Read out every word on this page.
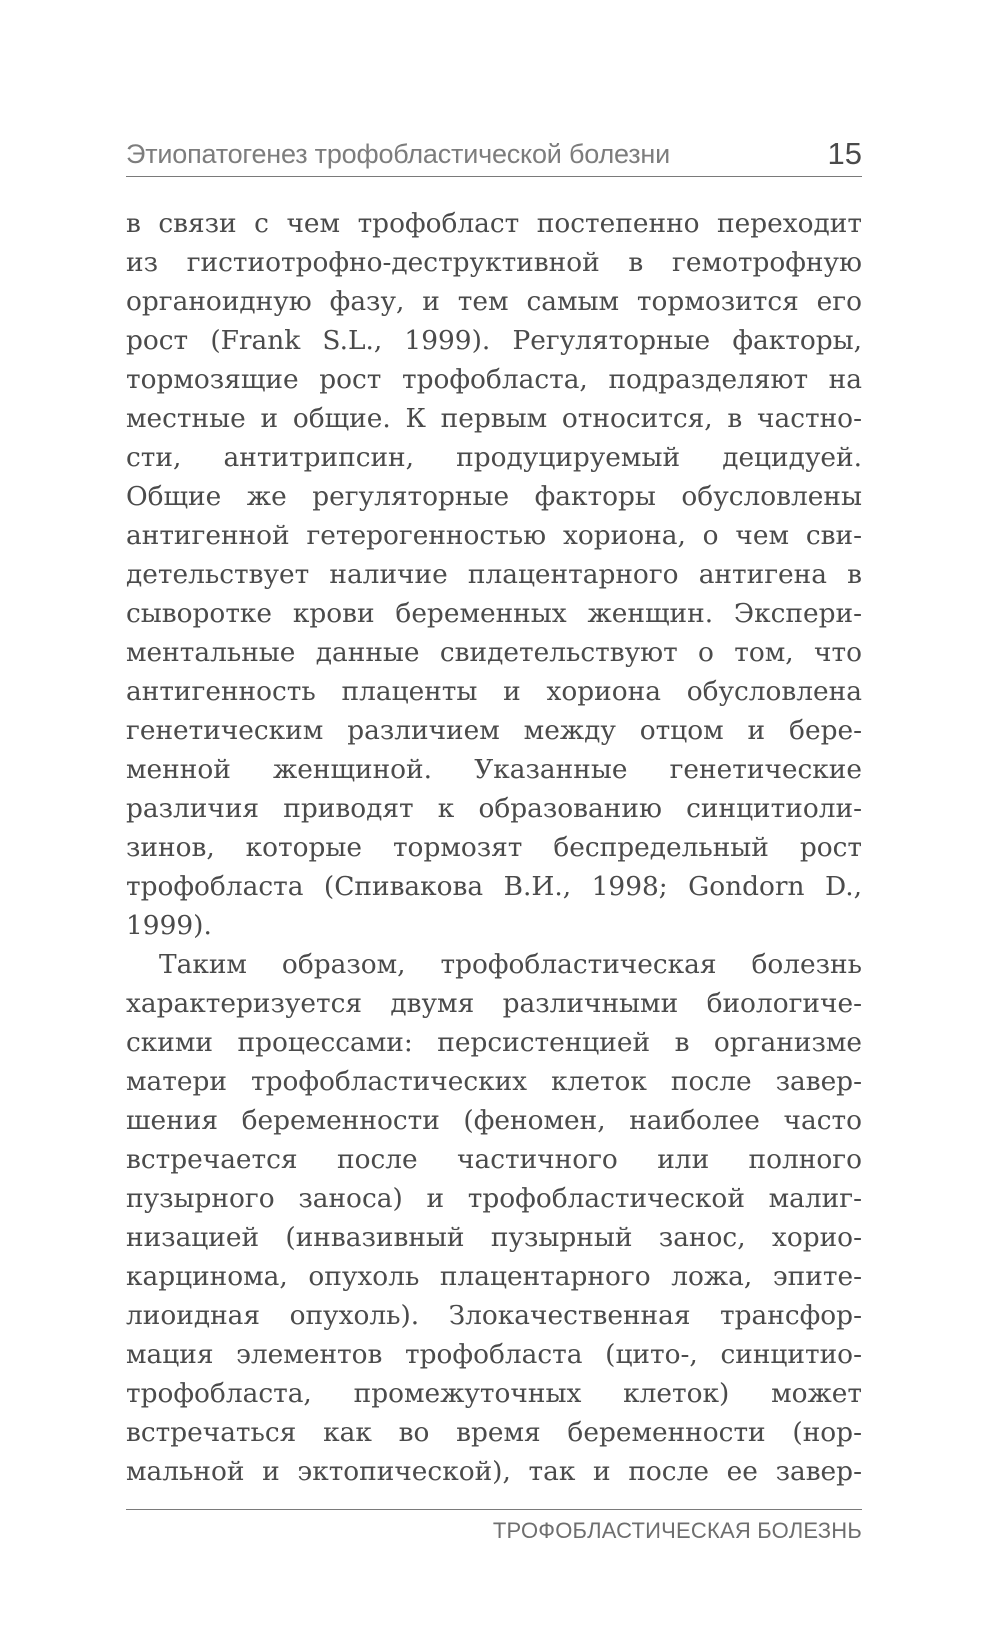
Этиопатогенез трофобластической болезни	15
в связи с чем трофобласт постепенно переходит
из гистиотрофно-деструктивной в гемотрофную
органоидную фазу, и тем самым тормозится его
рост (Frank S.L., 1999). Регуляторные факторы,
тормозящие рост трофобласта, подразделяют на
местные и общие. К первым относится, в частно-
сти, антитрипсин, продуцируемый децидуей.
Общие же регуляторные факторы обусловлены
антигенной гетерогенностью хориона, о чем сви-
детельствует наличие плацентарного антигена в
сыворотке крови беременных женщин. Экспери-
ментальные данные свидетельствуют о том, что
антигенность плаценты и хориона обусловлена
генетическим различием между отцом и бере-
менной женщиной. Указанные генетические
различия приводят к образованию синцитиоли-
зинов, которые тормозят беспредельный рост
трофобласта (Спивакова В.И., 1998; Gondorn D.,
1999).
Таким образом, трофобластическая болезнь
характеризуется двумя различными биологиче-
скими процессами: персистенцией в организме
матери трофобластических клеток после завер-
шения беременности (феномен, наиболее часто
встречается после частичного или полного
пузырного заноса) и трофобластической малиг-
низацией (инвазивный пузырный занос, хорио-
карцинома, опухоль плацентарного ложа, эпите-
лиоидная опухоль). Злокачественная трансфор-
мация элементов трофобласта (цито-, синцитио-
трофобласта, промежуточных клеток) может
встречаться как во время беременности (нор-
мальной и эктопической), так и после ее завер-
ТРОФОБЛАСТИЧЕСКАЯ БОЛЕЗНЬ
